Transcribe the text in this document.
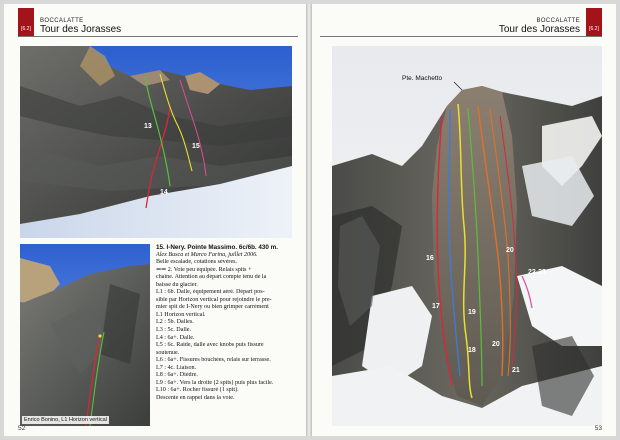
[6.2]
BOCCALATTE
Tour des Jorasses
13
15
14
Enrico Bonino, L1 Horizon vertical
15. I-Nery. Pointe Massimo. 6c/6b. 430 m.
Alex Busca et Marco Farina, juillet 2006.
Belle escalade, cotations sévères.
⇐⇒ 2. Voie peu équipée. Relais spits +
chaîne. Attention au départ compte tenu de la
baisse du glacier.
L1 : 6b. Dalle, équipement aéré. Départ pos-
sible par Horizon vertical pour rejoindre le pre-
mier spit de I-Nery ou bien grimper carrément
L1 Horizon vertical.
L2 : 5b. Dalles.
L3 : 5c. Dalle.
L4 : 6a+. Dalle.
L5 : 6c. Raide, dalle avec knobs puis fissure
soutenue.
L6 : 6a+. Fissures bouchées, relais sur terrasse.
L7 : 4c. Liaison.
L8 : 6a+. Dièdre.
L9 : 6a+. Vers la droite (2 spits) puis plus facile.
L10 : 6a+. Rocher fissuré (1 spit).
Descente en rappel dans la voie.
52
[6.2]
BOCCALATTE
Tour des Jorasses
Pte. Machetto
16
17
19
18
20
21
22-23
20
53
